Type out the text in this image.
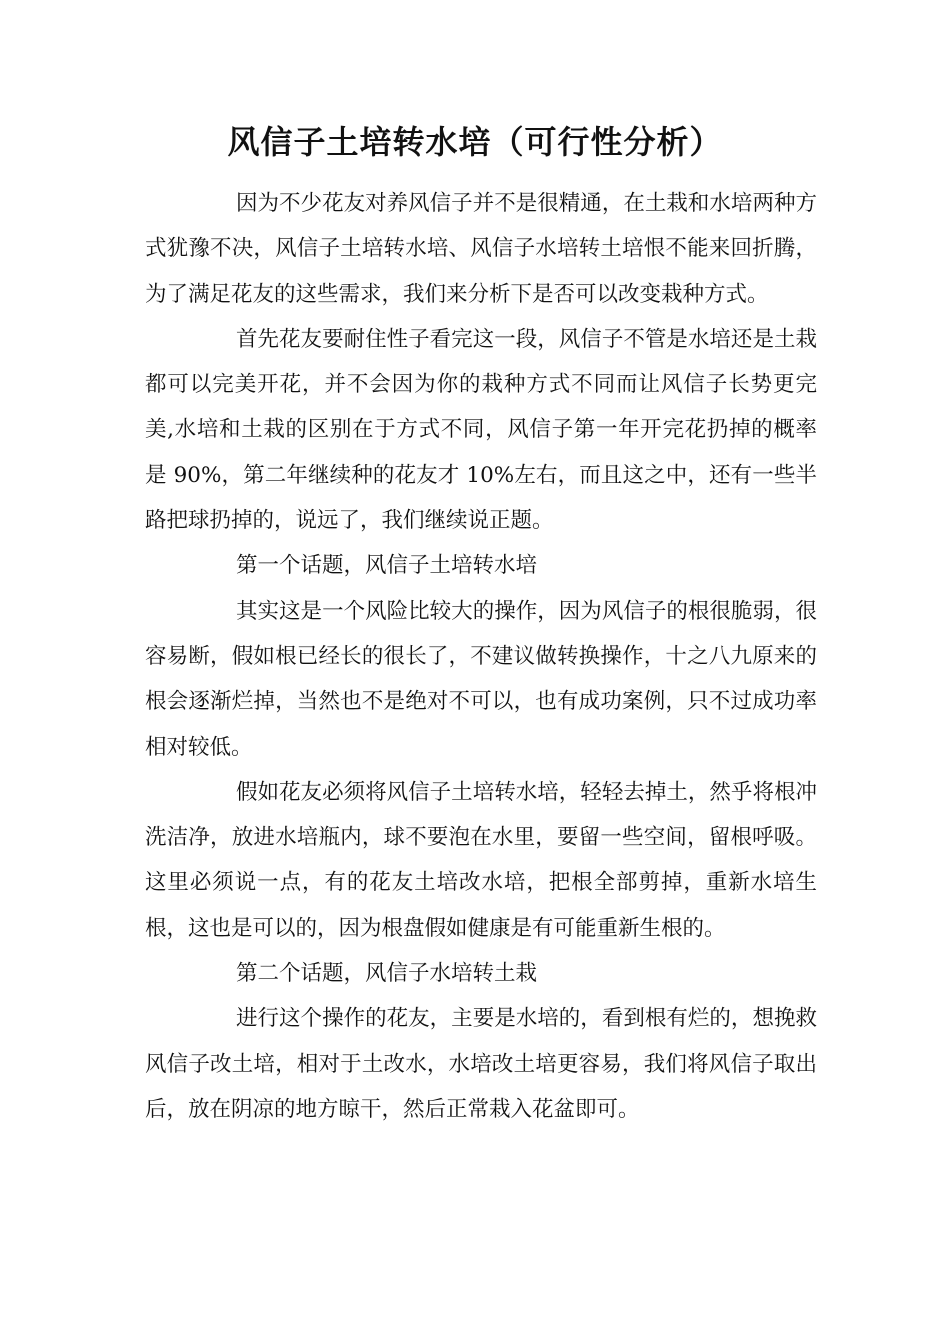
风信子土培转水培（可行性分析）

因为不少花友对养风信子并不是很精通，在土栽和水培两种方式犹豫不决，风信子土培转水培、风信子水培转土培恨不能来回折腾，为了满足花友的这些需求，我们来分析下是否可以改变栽种方式。

首先花友要耐住性子看完这一段，风信子不管是水培还是土栽都可以完美开花，并不会因为你的栽种方式不同而让风信子长势更完美,水培和土栽的区别在于方式不同，风信子第一年开完花扔掉的概率是 90%，第二年继续种的花友才 10%左右，而且这之中，还有一些半路把球扔掉的，说远了，我们继续说正题。

第一个话题，风信子土培转水培

其实这是一个风险比较大的操作，因为风信子的根很脆弱，很容易断，假如根已经长的很长了，不建议做转换操作，十之八九原来的根会逐渐烂掉，当然也不是绝对不可以，也有成功案例，只不过成功率相对较低。

假如花友必须将风信子土培转水培，轻轻去掉土，然乎将根冲洗洁净，放进水培瓶内，球不要泡在水里，要留一些空间，留根呼吸。这里必须说一点，有的花友土培改水培，把根全部剪掉，重新水培生根，这也是可以的，因为根盘假如健康是有可能重新生根的。

第二个话题，风信子水培转土栽

进行这个操作的花友，主要是水培的，看到根有烂的，想挽救风信子改土培，相对于土改水，水培改土培更容易，我们将风信子取出后，放在阴凉的地方晾干，然后正常栽入花盆即可。
